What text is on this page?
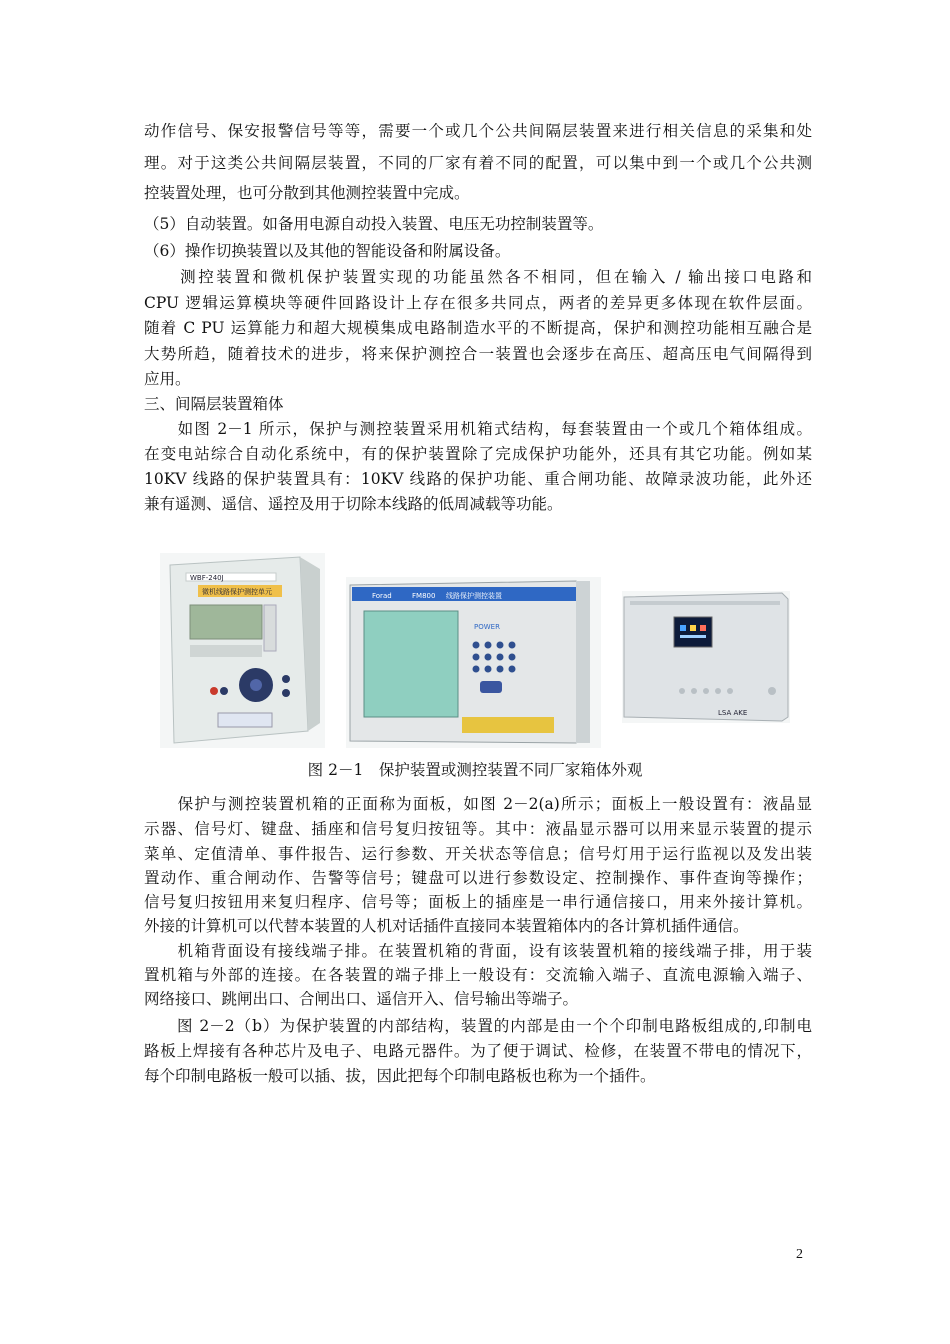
动作信号、保安报警信号等等，需要一个或几个公共间隔层装置来进行相关信息的采集和处
理。对于这类公共间隔层装置，不同的厂家有着不同的配置，可以集中到一个或几个公共测
控装置处理，也可分散到其他测控装置中完成。
（5）自动装置。如备用电源自动投入装置、电压无功控制装置等。
（6）操作切换装置以及其他的智能设备和附属设备。
　　测控装置和微机保护装置实现的功能虽然各不相同，但在输入 / 输出接口电路和
CPU 逻辑运算模块等硬件回路设计上存在很多共同点，两者的差异更多体现在软件层面。
随着 C PU 运算能力和超大规模集成电路制造水平的不断提高，保护和测控功能相互融合是
大势所趋，随着技术的进步，将来保护测控合一装置也会逐步在高压、超高压电气间隔得到
应用。
三、间隔层装置箱体
　　如图 2－1 所示，保护与测控装置采用机箱式结构，每套装置由一个或几个箱体组成。
在变电站综合自动化系统中，有的保护装置除了完成保护功能外，还具有其它功能。例如某
10KV 线路的保护装置具有：10KV 线路的保护功能、重合闸功能、故障录波功能，此外还
兼有遥测、遥信、遥控及用于切除本线路的低周减载等功能。
WBF-240J
微机线路保护测控单元	Forad	FM800 线路保护测控装置
POWER
LSA AKE
图 2－1　保护装置或测控装置不同厂家箱体外观
　　保护与测控装置机箱的正面称为面板，如图 2－2(a)所示；面板上一般设置有：液晶显
示器、信号灯、键盘、插座和信号复归按钮等。其中：液晶显示器可以用来显示装置的提示
菜单、定值清单、事件报告、运行参数、开关状态等信息；信号灯用于运行监视以及发出装
置动作、重合闸动作、告警等信号；键盘可以进行参数设定、控制操作、事件查询等操作；
信号复归按钮用来复归程序、信号等；面板上的插座是一串行通信接口，用来外接计算机。
外接的计算机可以代替本装置的人机对话插件直接同本装置箱体内的各计算机插件通信。
　　机箱背面设有接线端子排。在装置机箱的背面，设有该装置机箱的接线端子排，用于装
置机箱与外部的连接。在各装置的端子排上一般设有：交流输入端子、直流电源输入端子、
网络接口、跳闸出口、合闸出口、遥信开入、信号输出等端子。
　　图 2－2（b）为保护装置的内部结构，装置的内部是由一个个印制电路板组成的,印制电
路板上焊接有各种芯片及电子、电路元器件。为了便于调试、检修，在装置不带电的情况下，
每个印制电路板一般可以插、拔，因此把每个印制电路板也称为一个插件。
2
